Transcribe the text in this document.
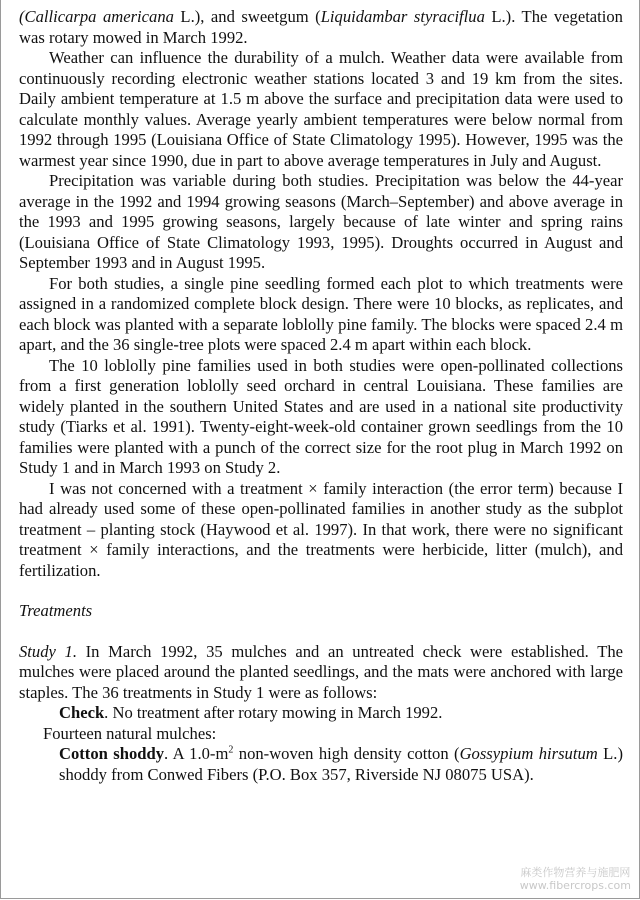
(Callicarpa americana L.), and sweetgum (Liquidambar styraciflua L.). The vegetation was rotary mowed in March 1992.

Weather can influence the durability of a mulch. Weather data were available from continuously recording electronic weather stations located 3 and 19 km from the sites. Daily ambient temperature at 1.5 m above the surface and precipitation data were used to calculate monthly values. Average yearly ambient temperatures were below normal from 1992 through 1995 (Louisiana Office of State Climatology 1995). However, 1995 was the warmest year since 1990, due in part to above average temperatures in July and August.

Precipitation was variable during both studies. Precipitation was below the 44-year average in the 1992 and 1994 growing seasons (March–September) and above average in the 1993 and 1995 growing seasons, largely because of late winter and spring rains (Louisiana Office of State Climatology 1993, 1995). Droughts occurred in August and September 1993 and in August 1995.

For both studies, a single pine seedling formed each plot to which treatments were assigned in a randomized complete block design. There were 10 blocks, as replicates, and each block was planted with a separate loblolly pine family. The blocks were spaced 2.4 m apart, and the 36 single-tree plots were spaced 2.4 m apart within each block.

The 10 loblolly pine families used in both studies were open-pollinated collections from a first generation loblolly seed orchard in central Louisiana. These families are widely planted in the southern United States and are used in a national site productivity study (Tiarks et al. 1991). Twenty-eight-week-old container grown seedlings from the 10 families were planted with a punch of the correct size for the root plug in March 1992 on Study 1 and in March 1993 on Study 2.

I was not concerned with a treatment × family interaction (the error term) because I had already used some of these open-pollinated families in another study as the subplot treatment – planting stock (Haywood et al. 1997). In that work, there were no significant treatment × family interactions, and the treatments were herbicide, litter (mulch), and fertilization.

Treatments

Study 1. In March 1992, 35 mulches and an untreated check were established. The mulches were placed around the planted seedlings, and the mats were anchored with large staples. The 36 treatments in Study 1 were as follows:

Check. No treatment after rotary mowing in March 1992.

Fourteen natural mulches:

Cotton shoddy. A $1.0-m^2$ non-woven high density cotton (Gossypium hirsutum L.) shoddy from Conwed Fibers (P.O. Box 357, Riverside NJ 08075 USA).

麻类作物营养与施肥网
www.fibercrops.com
